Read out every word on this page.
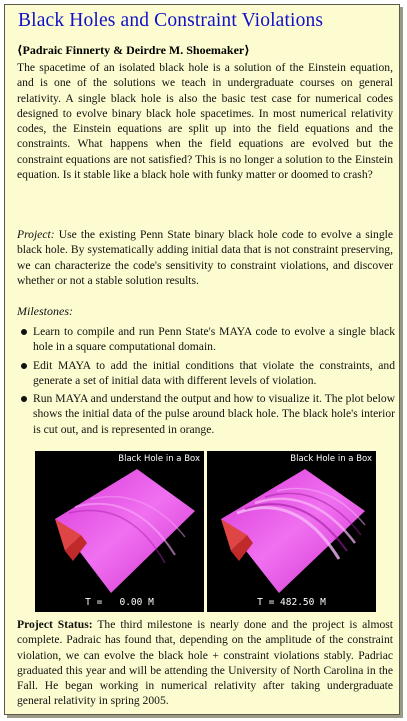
Black Holes and Constraint Violations
⟨Padraic Finnerty & Deirdre M. Shoemaker⟩
The spacetime of an isolated black hole is a solution of the Einstein equation, and is one of the solutions we teach in undergraduate courses on general relativity. A single black hole is also the basic test case for numerical codes designed to evolve binary black hole spacetimes. In most numerical relativity codes, the Einstein equations are split up into the field equations and the constraints. What happens when the field equations are evolved but the constraint equations are not satisfied? This is no longer a solution to the Einstein equation. Is it stable like a black hole with funky matter or doomed to crash?
Project: Use the existing Penn State binary black hole code to evolve a single black hole. By systematically adding initial data that is not constraint preserving, we can characterize the code's sensitivity to constraint violations, and discover whether or not a stable solution results.
Milestones:
Learn to compile and run Penn State's MAYA code to evolve a single black hole in a square computational domain.
Edit MAYA to add the initial conditions that violate the constraints, and generate a set of initial data with different levels of violation.
Run MAYA and understand the output and how to visualize it. The plot below shows the initial data of the pulse around black hole. The black hole's interior is cut out, and is represented in orange.
Black Hole in a Box
T =   0.00 M
Black Hole in a Box
T = 482.50 M
Project Status: The third milestone is nearly done and the project is almost complete. Padraic has found that, depending on the amplitude of the constraint violation, we can evolve the black hole + constraint violations stably. Padriac graduated this year and will be attending the University of North Carolina in the Fall. He began working in numerical relativity after taking undergraduate general relativity in spring 2005.
